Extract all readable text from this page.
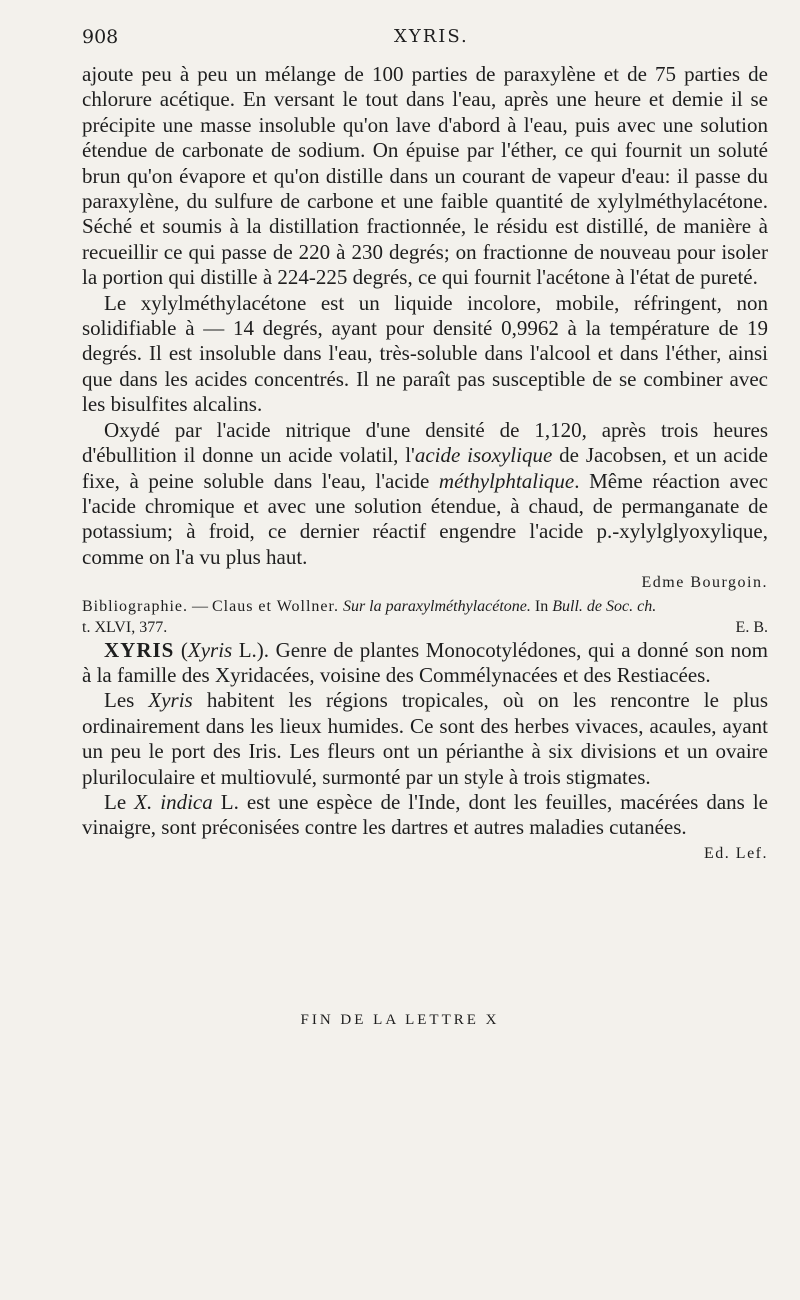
908	XYRIS.

ajoute peu à peu un mélange de 100 parties de paraxylène et de 75 parties de chlorure acétique. En versant le tout dans l'eau, après une heure et demie il se précipite une masse insoluble qu'on lave d'abord à l'eau, puis avec une solution étendue de carbonate de sodium. On épuise par l'éther, ce qui fournit un soluté brun qu'on évapore et qu'on distille dans un courant de vapeur d'eau: il passe du paraxylène, du sulfure de carbone et une faible quantité de xylylméthylacétone. Séché et soumis à la distillation fractionnée, le résidu est distillé, de manière à recueillir ce qui passe de 220 à 230 degrés; on fractionne de nouveau pour isoler la portion qui distille à 224-225 degrés, ce qui fournit l'acétone à l'état de pureté.

Le xylylméthylacétone est un liquide incolore, mobile, réfringent, non solidifiable à — 14 degrés, ayant pour densité 0,9962 à la température de 19 degrés. Il est insoluble dans l'eau, très-soluble dans l'alcool et dans l'éther, ainsi que dans les acides concentrés. Il ne paraît pas susceptible de se combiner avec les bisulfites alcalins.

Oxydé par l'acide nitrique d'une densité de 1,120, après trois heures d'ébullition il donne un acide volatil, l'acide isoxylique de Jacobsen, et un acide fixe, à peine soluble dans l'eau, l'acide méthylphtalique. Même réaction avec l'acide chromique et avec une solution étendue, à chaud, de permanganate de potassium; à froid, ce dernier réactif engendre l'acide p.-xylylglyoxylique, comme on l'a vu plus haut.

Edme Bourgoin.

Bibliographie. — Claus et Wollner. Sur la paraxylméthylacétone. In Bull. de Soc. ch.

t. XLVI, 377.	E. B.

XYRIS (Xyris L.). Genre de plantes Monocotylédones, qui a donné son nom à la famille des Xyridacées, voisine des Commélynacées et des Restiacées.

Les Xyris habitent les régions tropicales, où on les rencontre le plus ordinairement dans les lieux humides. Ce sont des herbes vivaces, acaules, ayant un peu le port des Iris. Les fleurs ont un périanthe à six divisions et un ovaire pluriloculaire et multiovulé, surmonté par un style à trois stigmates.

Le X. indica L. est une espèce de l'Inde, dont les feuilles, macérées dans le vinaigre, sont préconisées contre les dartres et autres maladies cutanées.

Ed. Lef.

FIN DE LA LETTRE X
